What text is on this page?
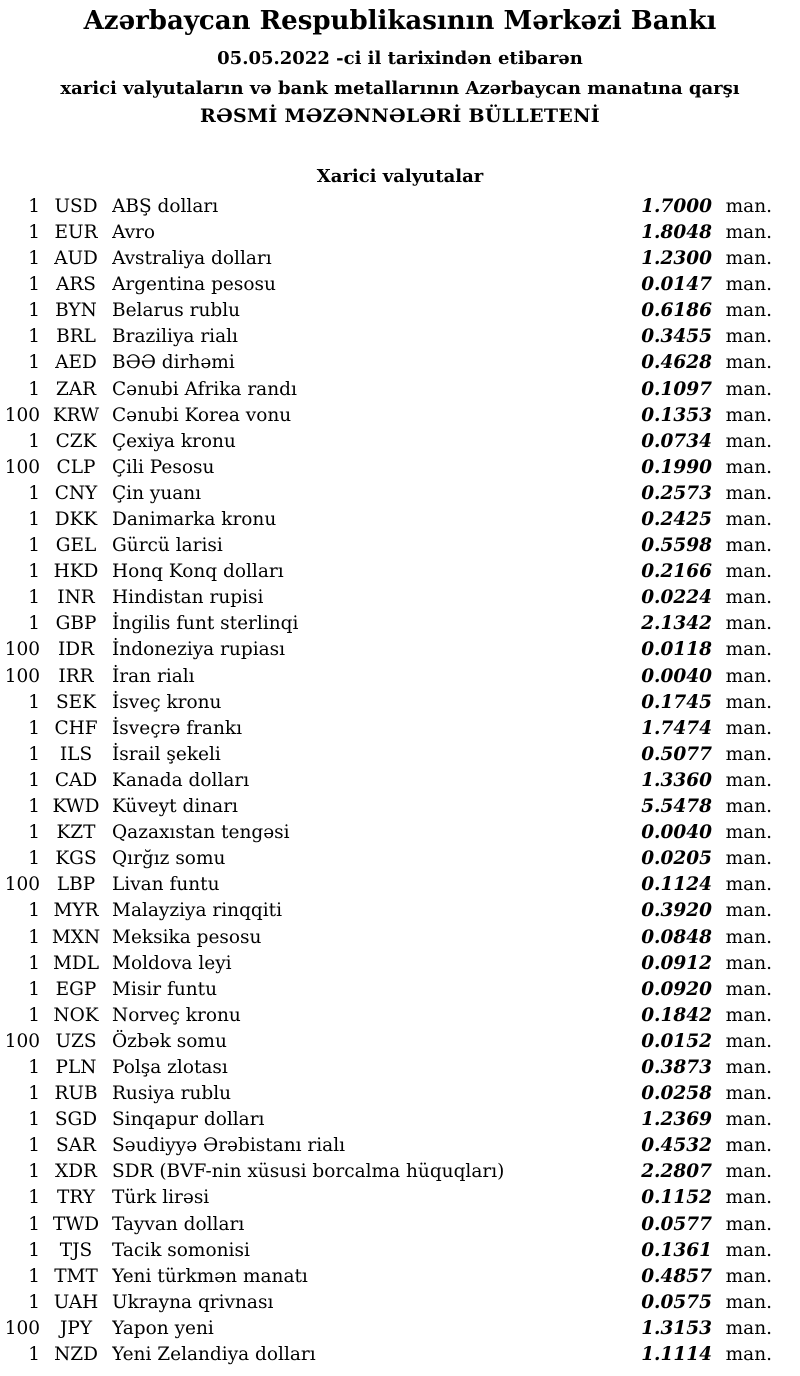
Azərbaycan Respublikasının Mərkəzi Bankı
05.05.2022 -ci il tarixindən etibarən
xarici valyutaların və bank metallarının Azərbaycan manatına qarşı
RƏSMİ MƏZƏNNƏLƏRİ BÜLLETENİ
Xarici valyutalar
1 USD ABŞ dolları	1.7000 man.
1 EUR Avro	1.8048 man.
1 AUD Avstraliya dolları	1.2300 man.
1 ARS Argentina pesosu	0.0147 man.
1 BYN Belarus rublu	0.6186 man.
1 BRL Braziliya rialı	0.3455 man.
1 AED BƏƏ dirhəmi	0.4628 man.
1 ZAR Cənubi Afrika randı	0.1097 man.
100 KRW Cənubi Korea vonu	0.1353 man.
1 CZK Çexiya kronu	0.0734 man.
100 CLP Çili Pesosu	0.1990 man.
1 CNY Çin yuanı	0.2573 man.
1 DKK Danimarka kronu	0.2425 man.
1 GEL Gürcü larisi	0.5598 man.
1 HKD Honq Konq dolları	0.2166 man.
1 INR Hindistan rupisi	0.0224 man.
1 GBP İngilis funt sterlinqi	2.1342 man.
100 IDR İndoneziya rupiası	0.0118 man.
100 IRR İran rialı	0.0040 man.
1 SEK İsveç kronu	0.1745 man.
1 CHF İsveçrə frankı	1.7474 man.
1	ILS	İsrail şekeli	0.5077 man.
1 CAD Kanada dolları	1.3360 man.
1 KWD Küveyt dinarı	5.5478 man.
1 KZT Qazaxıstan tengəsi	0.0040 man.
1 KGS Qırğız somu	0.0205 man.
100 LBP Livan funtu	0.1124 man.
1 MYR Malayziya rinqqiti	0.3920 man.
1 MXN Meksika pesosu	0.0848 man.
1 MDL Moldova leyi	0.0912 man.
1 EGP Misir funtu	0.0920 man.
1 NOK Norveç kronu	0.1842 man.
100 UZS Özbək somu	0.0152 man.
1 PLN Polşa zlotası	0.3873 man.
1 RUB Rusiya rublu	0.0258 man.
1 SGD Sinqapur dolları	1.2369 man.
1 SAR Səudiyyə Ərəbistanı rialı	0.4532 man.
1 XDR SDR (BVF-nin xüsusi borcalma hüquqları)	2.2807 man.
1 TRY Türk lirəsi	0.1152 man.
1 TWD Tayvan dolları	0.0577 man.
1	TJS	Tacik somonisi	0.1361 man.
1 TMT Yeni türkmən manatı	0.4857 man.
1 UAH Ukrayna qrivnası	0.0575 man.
100	JPY	Yapon yeni	1.3153 man.
1 NZD Yeni Zelandiya dolları	1.1114 man.
